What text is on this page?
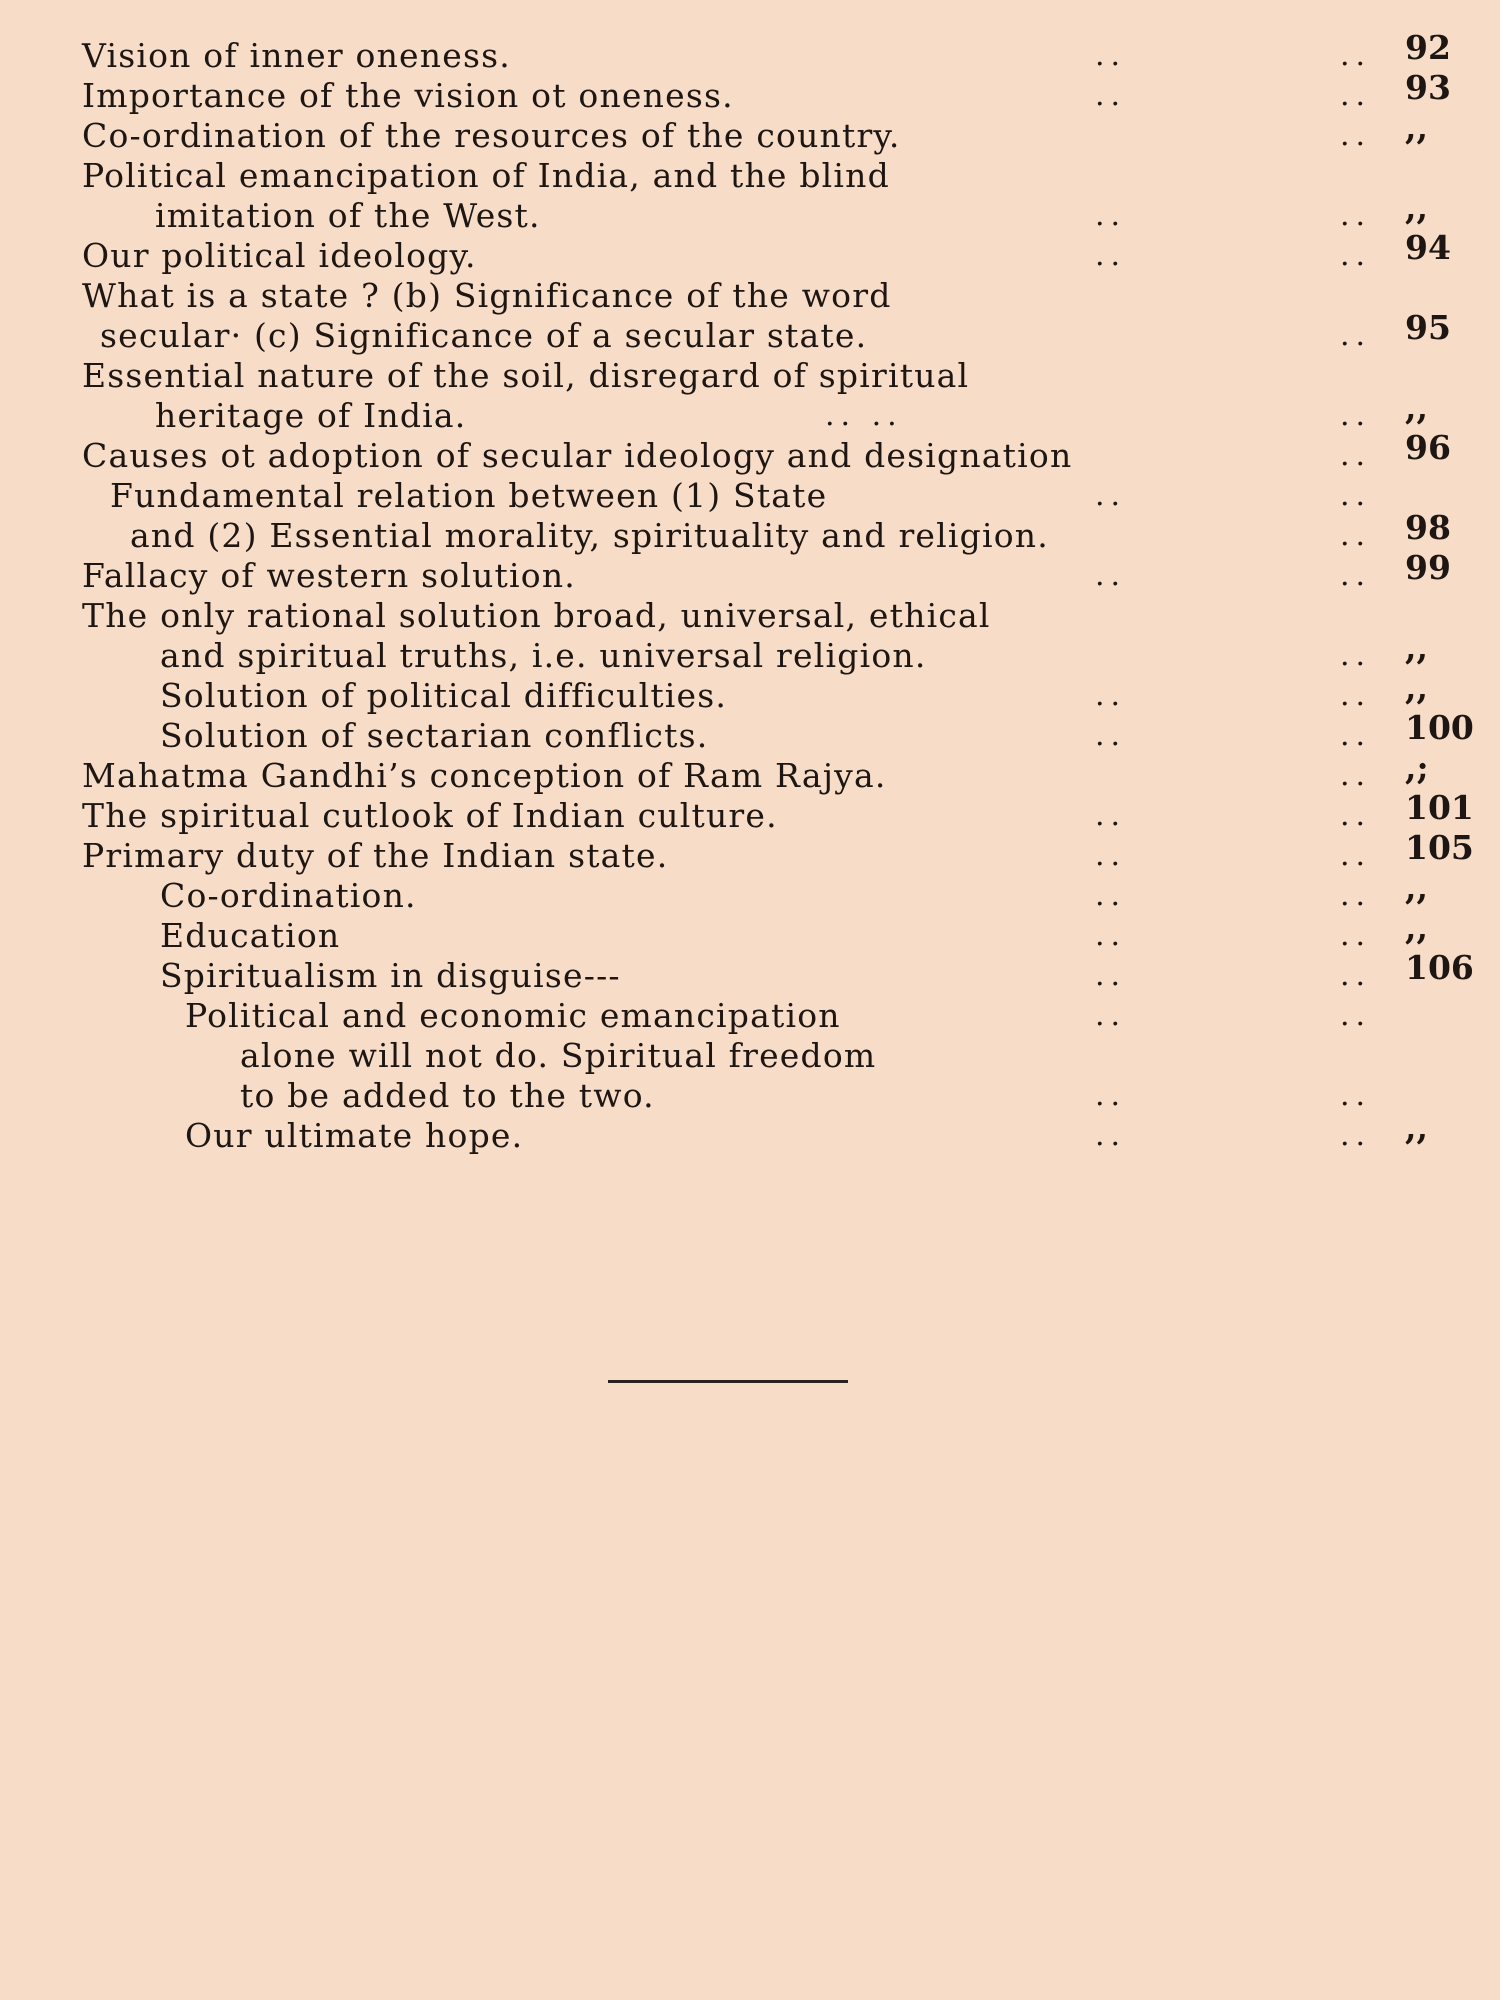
Vision of inner oneness.	..	.. 92
Importance of the vision ot oneness.	..	.. 93
Co-ordination of the resources of the country.	.. ,,
Political emancipation of India, and the blind
imitation of the West.	..	.. ,,
Our political ideology.	..	.. 94
What is a state ? (b) Significance of the word
secular· (c) Significance of a secular state.	.. 95
Essential nature of the soil, disregard of spiritual
heritage of India.	.. ..	.. ,,
Causes ot adoption of secular ideology and designation	.. 96
Fundamental relation between (1) State	..	..
and (2) Essential morality, spirituality and religion.	.. 98
Fallacy of western solution.	..	.. 99
The only rational solution broad, universal, ethical
and spiritual truths, i.e. universal religion.	.. ,,
Solution of political difficulties.	..	.. ,,
Solution of sectarian conflicts.	..	.. 100
Mahatma Gandhi’s conception of Ram Rajya.	.. ,;
The spiritual cutlook of Indian culture.	..	.. 101
Primary duty of the Indian state.	..	.. 105
Co-ordination.	..	.. ,,
Education	..	.. ,,
Spiritualism in disguise---	..	.. 106
Political and economic emancipation	..	..
alone will not do. Spiritual freedom
to be added to the two.	..	..
Our ultimate hope.	..	.. ,,
